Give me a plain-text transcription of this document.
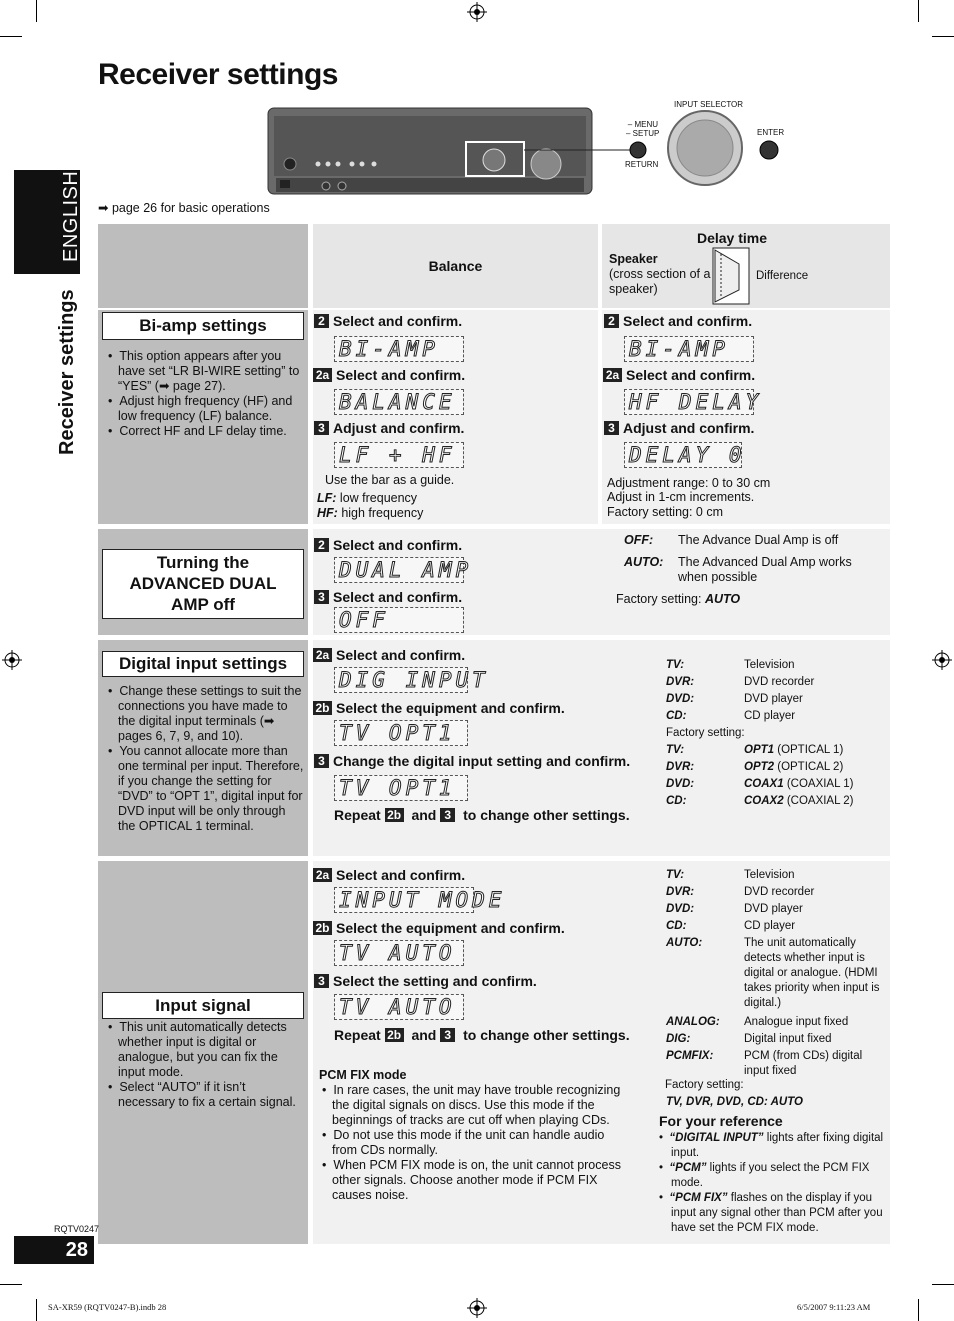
Receiver settings
ENGLISH
Receiver settings
– MENU
– SETUP
RETURN
INPUT SELECTOR
ENTER
➡ page 26 for basic operations
Balance
Delay time
Speaker
(cross section of a speaker)
Difference
Bi-amp settings
•  This option appears after you have set “LR BI-WIRE setting” to “YES” (➡ page 27).
•  Adjust high frequency (HF) and low frequency (LF) balance.
•  Correct HF and LF delay time.
2 Select and confirm.
BI-AMP
2a Select and confirm.
BALANCE
3 Adjust and confirm.
LF + HF
Use the bar as a guide.
LF: low frequency
HF: high frequency
2 Select and confirm.
BI-AMP
2a Select and confirm.
HF DELAY
3 Adjust and confirm.
DELAY 0
Adjustment range: 0 to 30 cm
Adjust in 1-cm increments.
Factory setting: 0 cm
Turning the ADVANCED DUAL AMP off
2 Select and confirm.
DUAL AMP
3 Select and confirm.
OFF
OFF: The Advance Dual Amp is off
AUTO: The Advanced Dual Amp works when possible
Factory setting: AUTO
Digital input settings
•  Change these settings to suit the connections you have made to the digital input terminals (➡ pages 6, 7, 9, and 10).
•  You cannot allocate more than one terminal per input. Therefore, if you change the setting for “DVD” to “OPT 1”, digital input for DVD input will be only through the OPTICAL 1 terminal.
2a Select and confirm.
DIG INPUT
2b Select the equipment and confirm.
TV OPT1
3 Change the digital input setting and confirm.
TV OPT1
Repeat 2b and 3 to change other settings.
TV:	Television
DVR:	DVD recorder
DVD:	DVD player
CD:	CD player
Factory setting:
TV:	OPT1 (OPTICAL 1)
DVR:	OPT2 (OPTICAL 2)
DVD:	COAX1 (COAXIAL 1)
CD:	COAX2 (COAXIAL 2)
Input signal
•  This unit automatically detects whether input is digital or analogue, but you can fix the input mode.
•  Select “AUTO” if it isn’t necessary to fix a certain signal.
2a Select and confirm.
INPUT MODE
2b Select the equipment and confirm.
TV AUTO
3 Select the setting and confirm.
TV AUTO
Repeat 2b and 3 to change other settings.
PCM FIX mode
•  In rare cases, the unit may have trouble recognizing the digital signals on discs. Use this mode if the beginnings of tracks are cut off when playing CDs.
•  Do not use this mode if the unit can handle audio from CDs normally.
•  When PCM FIX mode is on, the unit cannot process other signals. Choose another mode if PCM FIX causes noise.
TV:	Television
DVR:	DVD recorder
DVD:	DVD player
CD:	CD player
AUTO:	The unit automatically detects whether input is digital or analogue. (HDMI takes priority when input is digital.)
ANALOG:	Analogue input fixed
DIG:	Digital input fixed
PCMFIX:	PCM (from CDs) digital input fixed
Factory setting:
TV, DVR, DVD, CD: AUTO
For your reference
•  “DIGITAL INPUT” lights after fixing digital input.
•  “PCM” lights if you select the PCM FIX mode.
•  “PCM FIX” flashes on the display if you input any signal other than PCM after you have set the PCM FIX mode.
RQTV0247
28
SA-XR59 (RQTV0247-B).indb 28	6/5/2007 9:11:23 AM
